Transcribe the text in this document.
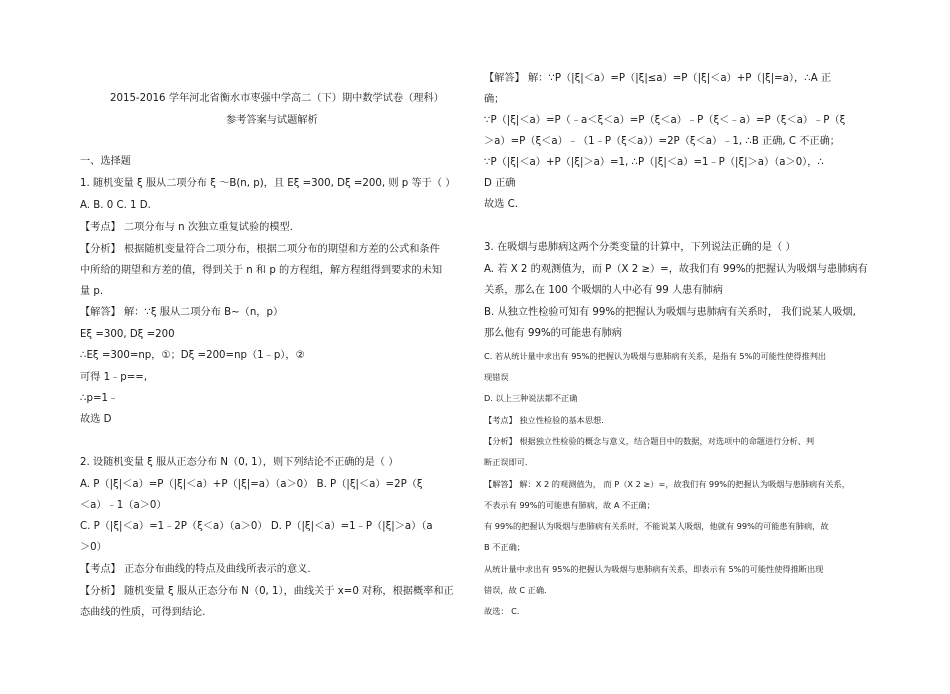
2015-2016 学年河北省衡水市枣强中学高二（下）期中数学试卷（理科）
参考答案与试题解析
一、选择题
1. 随机变量 ξ 服从二项分布 ξ ～B(n, p)，且 Eξ =300, Dξ =200, 则 p 等于（ ）
A. B. 0 C. 1 D.
【考点】 二项分布与 n 次独立重复试验的模型.
【分析】 根据随机变量符合二项分布，根据二项分布的期望和方差的公式和条件
中所给的期望和方差的值，得到关于 n 和 p 的方程组，解方程组得到要求的未知
量 p.
【解答】 解：∵ξ 服从二项分布 B~（n，p）
Eξ =300, Dξ =200
∴Eξ =300=np，①；Dξ =200=np（1﹣p），②
可得 1﹣p==,
∴p=1﹣
故选 D
2. 设随机变量 ξ 服从正态分布 N（0, 1），则下列结论不正确的是（ ）
A. P（|ξ|＜a）=P（|ξ|＜a）+P（|ξ|=a）（a＞0） B. P（|ξ|＜a）=2P（ξ
＜a）﹣1（a＞0）
C. P（|ξ|＜a）=1﹣2P（ξ＜a）（a＞0） D. P（|ξ|＜a）=1﹣P（|ξ|＞a）（a
＞0）
【考点】 正态分布曲线的特点及曲线所表示的意义.
【分析】 随机变量 ξ 服从正态分布 N（0, 1），曲线关于 x=0 对称，根据概率和正
态曲线的性质，可得到结论.
【解答】 解：∵P（|ξ|＜a）=P（|ξ|≤a）=P（|ξ|＜a）+P（|ξ|=a），∴A 正
确；
∵P（|ξ|＜a）=P（﹣a＜ξ＜a）=P（ξ＜a）﹣P（ξ＜﹣a）=P（ξ＜a）﹣P（ξ
＞a）=P（ξ＜a）﹣（1﹣P（ξ＜a））=2P（ξ＜a）﹣1, ∴B 正确, C 不正确；
∵P（|ξ|＜a）+P（|ξ|＞a）=1, ∴P（|ξ|＜a）=1﹣P（|ξ|＞a）（a＞0），∴
D 正确
故选 C.
3. 在吸烟与患肺病这两个分类变量的计算中，下列说法正确的是（ ）
A. 若 X 2 的观测值为，而 P（X 2 ≥）=，故我们有 99%的把握认为吸烟与患肺病有
关系，那么在 100 个吸烟的人中必有 99 人患有肺病
B. 从独立性检验可知有 99%的把握认为吸烟与患肺病有关系时， 我们说某人吸烟,
那么他有 99%的可能患有肺病
C. 若从统计量中求出有 95%的把握认为吸烟与患肺病有关系，是指有 5%的可能性使得推判出
现错误
D. 以上三种说法都不正确
【考点】 独立性检验的基本思想.
【分析】 根据独立性检验的概念与意义，结合题目中的数据，对选项中的命题进行分析、判
断正误即可.
【解答】 解：X 2 的观测值为， 而 P（X 2 ≥）=，故我们有 99%的把握认为吸烟与患肺病有关系，
不表示有 99%的可能患有肺病，故 A 不正确；
有 99%的把握认为吸烟与患肺病有关系时，不能说某人吸烟，他就有 99%的可能患有肺病，故
B 不正确；
从统计量中求出有 95%的把握认为吸烟与患肺病有关系，即表示有 5%的可能性使得推断出现
错误，故 C 正确.
故选： C.
